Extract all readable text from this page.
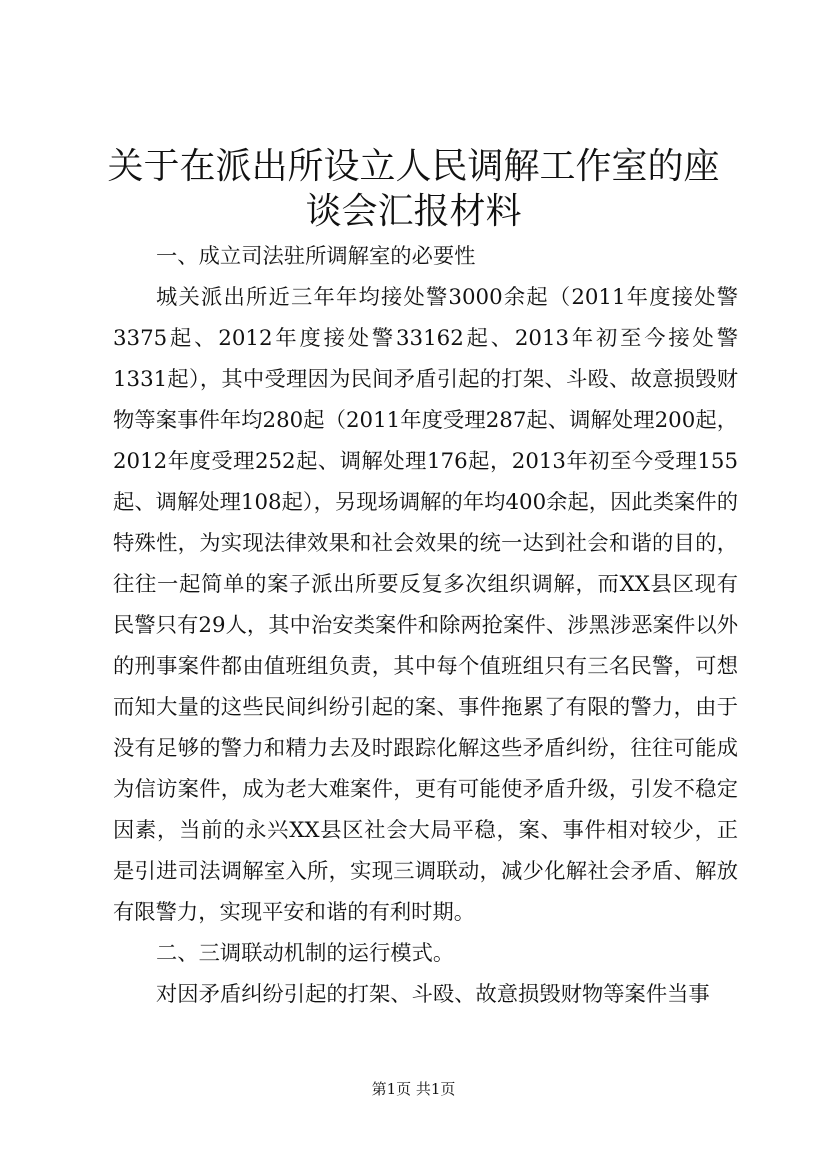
关于在派出所设立人民调解工作室的座谈会汇报材料

一、成立司法驻所调解室的必要性

城关派出所近三年年均接处警3000余起（2011年度接处警3375起、2012年度接处警33162起、2013年初至今接处警1331起），其中受理因为民间矛盾引起的打架、斗殴、故意损毁财物等案事件年均280起（2011年度受理287起、调解处理200起，2012年度受理252起、调解处理176起，2013年初至今受理155起、调解处理108起），另现场调解的年均400余起，因此类案件的特殊性，为实现法律效果和社会效果的统一达到社会和谐的目的，往往一起简单的案子派出所要反复多次组织调解，而XX县区现有民警只有29人，其中治安类案件和除两抢案件、涉黑涉恶案件以外的刑事案件都由值班组负责，其中每个值班组只有三名民警，可想而知大量的这些民间纠纷引起的案、事件拖累了有限的警力，由于没有足够的警力和精力去及时跟踪化解这些矛盾纠纷，往往可能成为信访案件，成为老大难案件，更有可能使矛盾升级，引发不稳定因素，当前的永兴XX县区社会大局平稳，案、事件相对较少，正是引进司法调解室入所，实现三调联动，减少化解社会矛盾、解放有限警力，实现平安和谐的有利时期。

二、三调联动机制的运行模式。

对因矛盾纠纷引起的打架、斗殴、故意损毁财物等案件当事

第1页 共1页
